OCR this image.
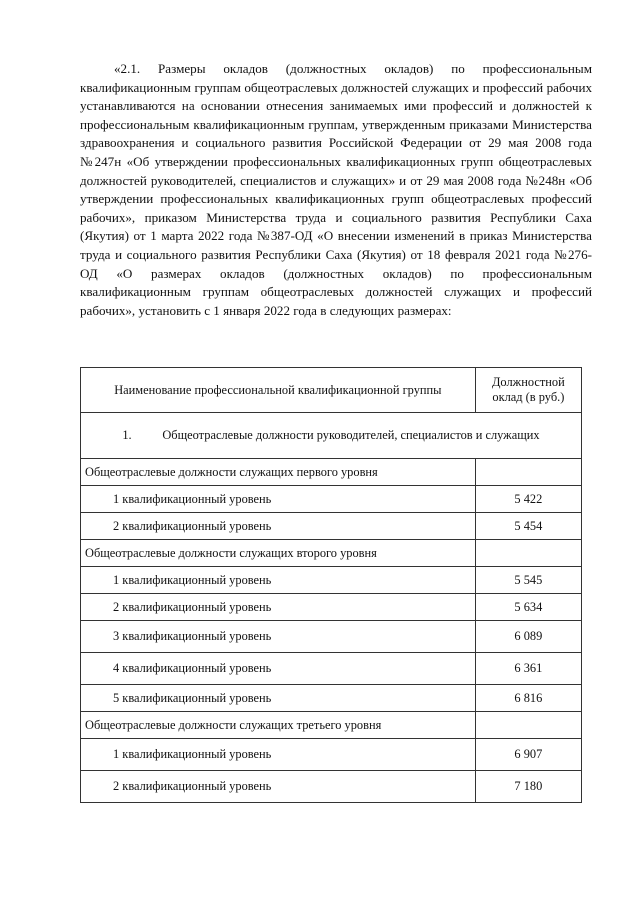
«2.1. Размеры окладов (должностных окладов) по профессиональным квалификационным группам общеотраслевых должностей служащих и профессий рабочих устанавливаются на основании отнесения занимаемых ими профессий и должностей к профессиональным квалификационным группам, утвержденным приказами Министерства здравоохранения и социального развития Российской Федерации от 29 мая 2008 года №247н «Об утверждении профессиональных квалификационных групп общеотраслевых должностей руководителей, специалистов и служащих» и от 29 мая 2008 года №248н «Об утверждении профессиональных квалификационных групп общеотраслевых профессий рабочих», приказом Министерства труда и социального развития Республики Саха (Якутия) от 1 марта 2022 года №387-ОД «О внесении изменений в приказ Министерства труда и социального развития Республики Саха (Якутия) от 18 февраля 2021 года №276-ОД «О размерах окладов (должностных окладов) по профессиональным квалификационным группам общеотраслевых должностей служащих и профессий рабочих», установить с 1 января 2022 года в следующих размерах:

Наименование профессиональной квалификационной группы	Должностной оклад (в руб.)
1. Общеотраслевые должности руководителей, специалистов и служащих	
Общеотраслевые должности служащих первого уровня	
1 квалификационный уровень	5 422
2 квалификационный уровень	5 454
Общеотраслевые должности служащих второго уровня	
1 квалификационный уровень	5 545
2 квалификационный уровень	5 634
3 квалификационный уровень	6 089
4 квалификационный уровень	6 361
5 квалификационный уровень	6 816
Общеотраслевые должности служащих третьего уровня	
1 квалификационный уровень	6 907
2 квалификационный уровень	7 180
